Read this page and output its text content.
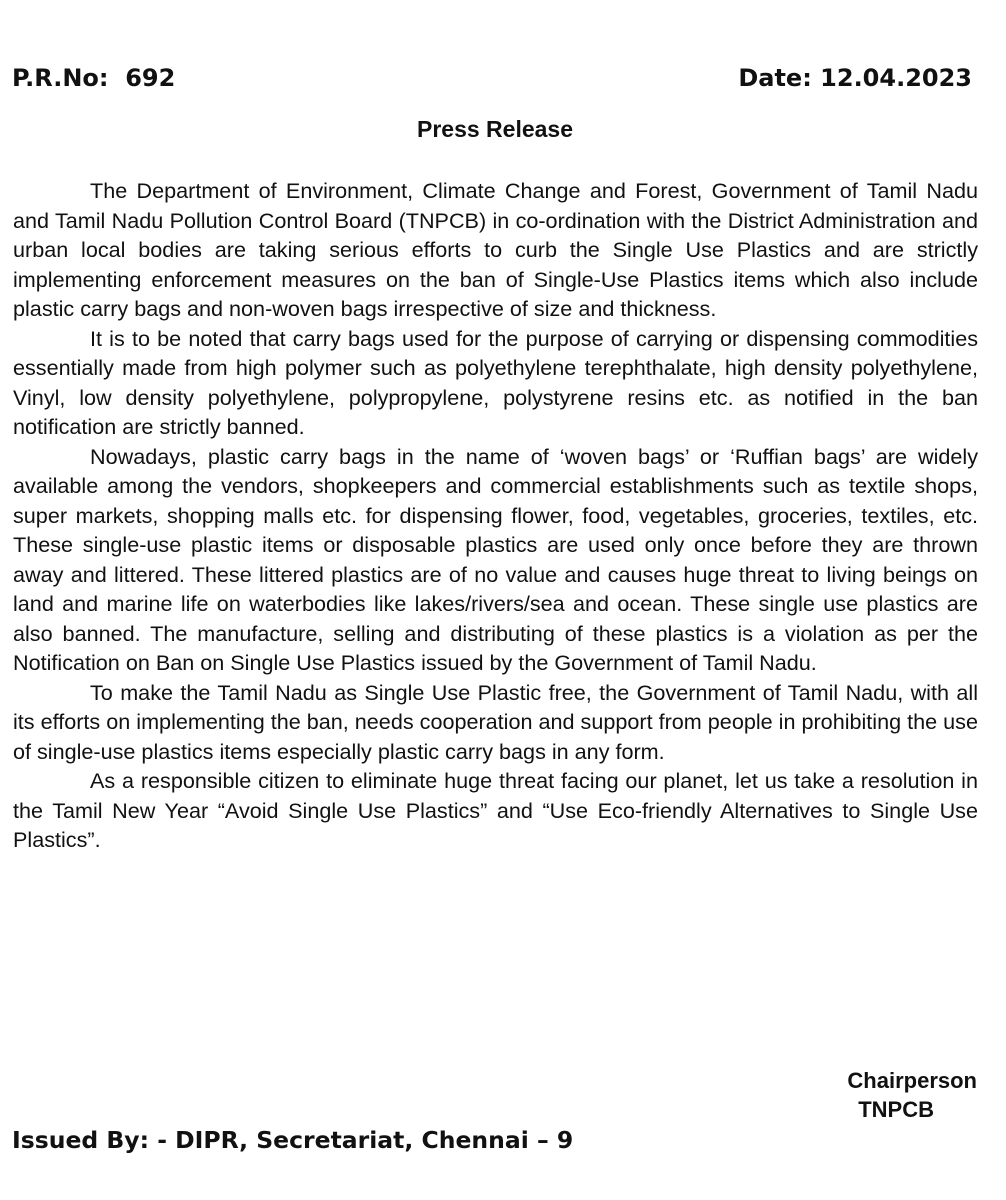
P.R.No:  692	Date: 12.04.2023
Press Release

The Department of Environment, Climate Change and Forest, Government of Tamil Nadu and Tamil Nadu Pollution Control Board (TNPCB) in co-ordination with the District Administration and urban local bodies are taking serious efforts to curb the Single Use Plastics and are strictly implementing enforcement measures on the ban of Single-Use Plastics items which also include plastic carry bags and non-woven bags irrespective of size and thickness.

It is to be noted that carry bags used for the purpose of carrying or dispensing commodities essentially made from high polymer such as polyethylene terephthalate, high density polyethylene, Vinyl, low density polyethylene, polypropylene, polystyrene resins etc. as notified in the ban notification are strictly banned.

Nowadays, plastic carry bags in the name of ‘woven bags’ or ‘Ruffian bags’ are widely available among the vendors, shopkeepers and commercial establishments such as textile shops, super markets, shopping malls etc. for dispensing flower, food, vegetables, groceries, textiles, etc. These single-use plastic items or disposable plastics are used only once before they are thrown away and littered. These littered plastics are of no value and causes huge threat to living beings on land and marine life on waterbodies like lakes/rivers/sea and ocean. These single use plastics are also banned. The manufacture, selling and distributing of these plastics is a violation as per the Notification on Ban on Single Use Plastics issued by the Government of Tamil Nadu.

To make the Tamil Nadu as Single Use Plastic free, the Government of Tamil Nadu, with all its efforts on implementing the ban, needs cooperation and support from people in prohibiting the use of single-use plastics items especially plastic carry bags in any form.

As a responsible citizen to eliminate huge threat facing our planet, let us take a resolution in the Tamil New Year “Avoid Single Use Plastics” and “Use Eco-friendly Alternatives to Single Use Plastics”.

Chairperson
TNPCB
Issued By: - DIPR, Secretariat, Chennai – 9
